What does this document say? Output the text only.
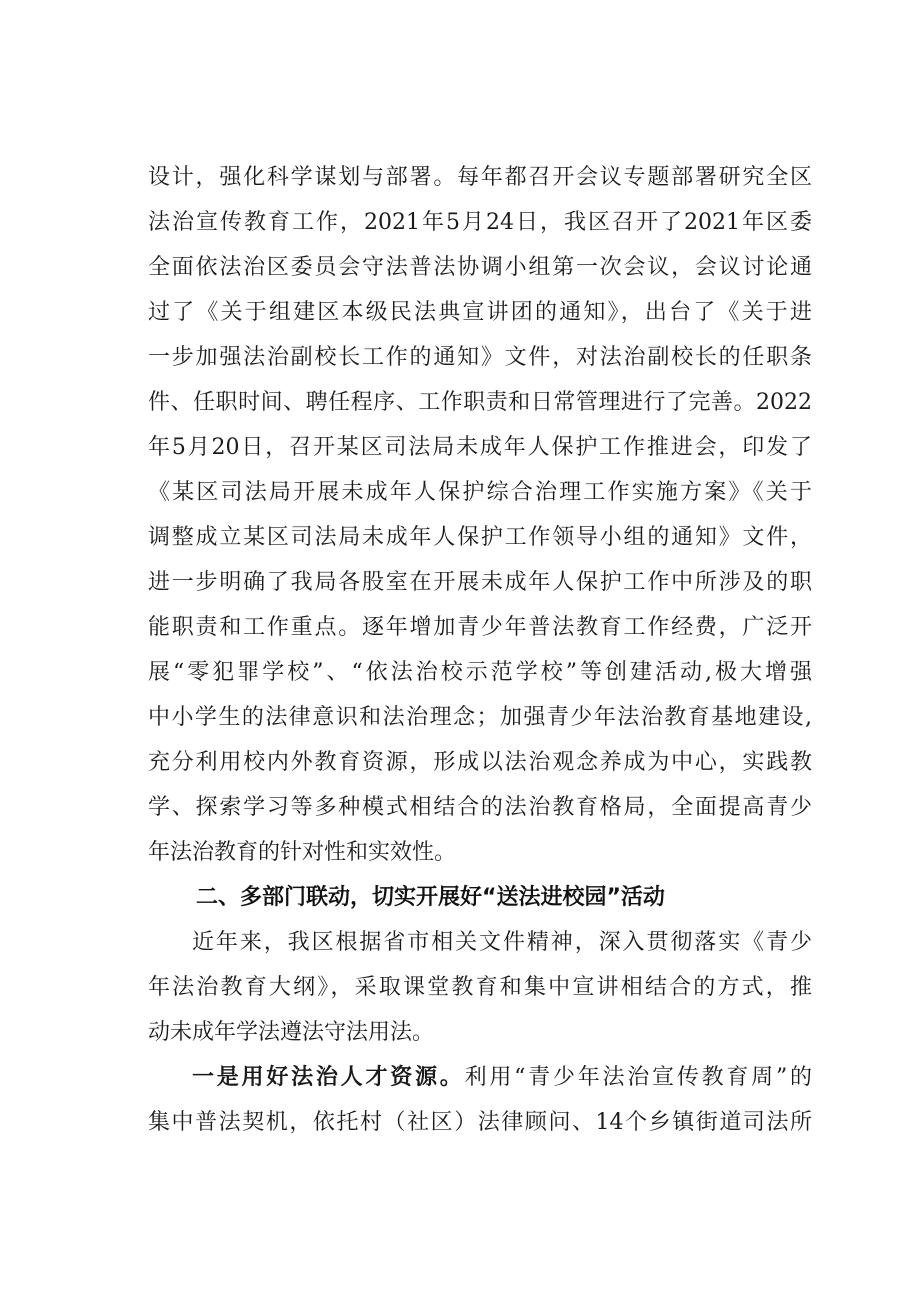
设计，强化科学谋划与部署。每年都召开会议专题部署研究全区
法治宣传教育工作，2021年5月24日，我区召开了2021年区委
全面依法治区委员会守法普法协调小组第一次会议，会议讨论通
过了《关于组建区本级民法典宣讲团的通知》，出台了《关于进
一步加强法治副校长工作的通知》文件，对法治副校长的任职条
件、任职时间、聘任程序、工作职责和日常管理进行了完善。2022
年5月20日，召开某区司法局未成年人保护工作推进会，印发了
《某区司法局开展未成年人保护综合治理工作实施方案》《关于
调整成立某区司法局未成年人保护工作领导小组的通知》文件，
进一步明确了我局各股室在开展未成年人保护工作中所涉及的职
能职责和工作重点。逐年增加青少年普法教育工作经费，广泛开
展“零犯罪学校”、“依法治校示范学校”等创建活动,极大增强
中小学生的法律意识和法治理念；加强青少年法治教育基地建设,
充分利用校内外教育资源，形成以法治观念养成为中心，实践教
学、探索学习等多种模式相结合的法治教育格局，全面提高青少
年法治教育的针对性和实效性。
二、多部门联动，切实开展好“送法进校园”活动
近年来，我区根据省市相关文件精神，深入贯彻落实《青少
年法治教育大纲》，采取课堂教育和集中宣讲相结合的方式，推
动未成年学法遵法守法用法。
一是用好法治人才资源。利用“青少年法治宣传教育周”的
集中普法契机，依托村（社区）法律顾问、14个乡镇街道司法所
